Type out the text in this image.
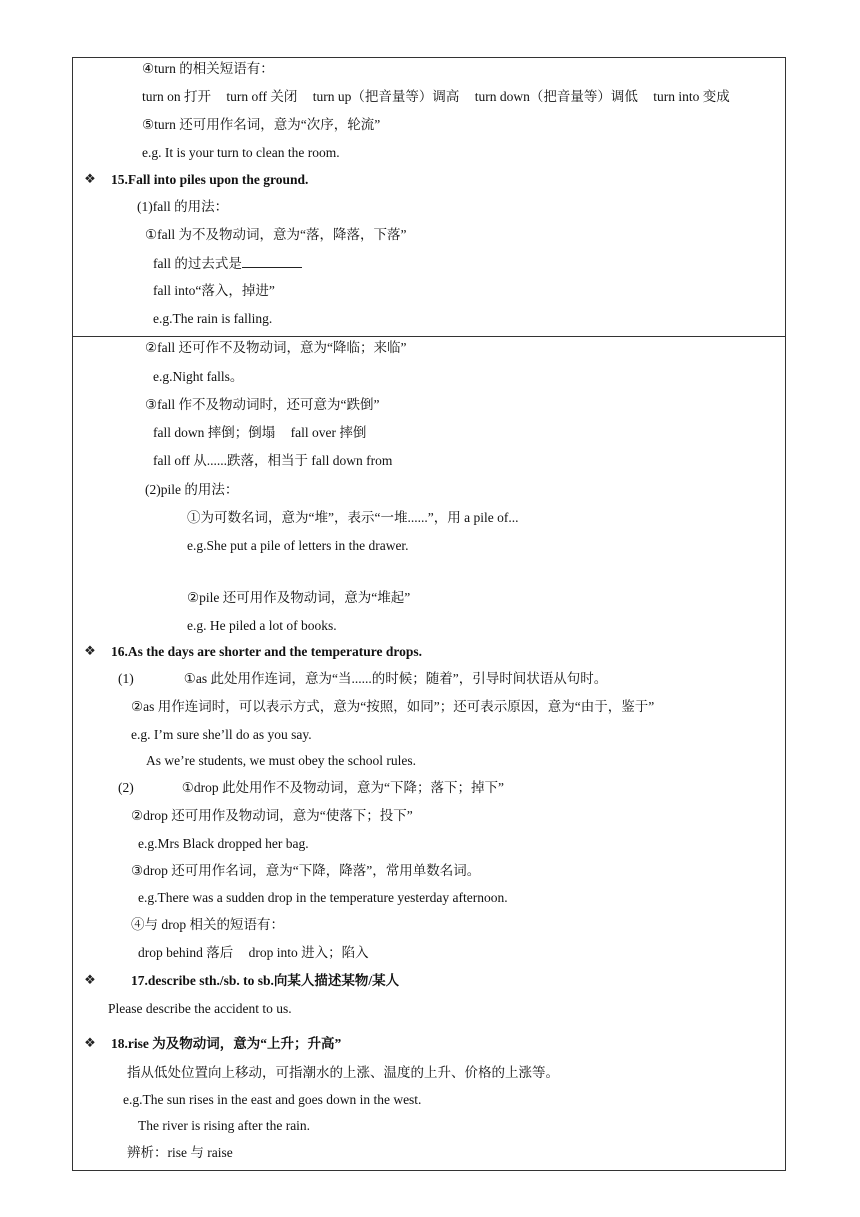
④turn 的相关短语有：
turn on 打开 turn off 关闭 turn up（把音量等）调高 turn down（把音量等）调低 turn into 变成
⑤turn 还可用作名词，意为“次序，轮流”
e.g. It is your turn to clean the room.
❖ 15.Fall into piles upon the ground.
(1)fall 的用法：
①fall 为不及物动词，意为“落，降落，下落”
fall 的过去式是
fall into“落入，掉进”
e.g.The rain is falling.
②fall 还可作不及物动词，意为“降临；来临”
e.g.Night falls。
③fall 作不及物动词时，还可意为“跌倒”
fall down 摔倒；倒塌 fall over 摔倒
fall off 从......跌落，相当于 fall down from
(2)pile 的用法：
①为可数名词，意为“堆”，表示“一堆......”，用 a pile of...
e.g.She put a pile of letters in the drawer.
②pile 还可用作及物动词，意为“堆起”
e.g. He piled a lot of books.
❖ 16.As the days are shorter and the temperature drops.
(1)	①as 此处用作连词，意为“当......的时候；随着”，引导时间状语从句时。
②as 用作连词时，可以表示方式，意为“按照，如同”；还可表示原因，意为“由于，鉴于”
e.g. I’m sure she’ll do as you say.
As we’re students, we must obey the school rules.
(2)	①drop 此处用作不及物动词，意为“下降；落下；掉下”
②drop 还可用作及物动词，意为“使落下；投下”
e.g.Mrs Black dropped her bag.
③drop 还可用作名词，意为“下降，降落”，常用单数名词。
e.g.There was a sudden drop in the temperature yesterday afternoon.
④与 drop 相关的短语有：
drop behind 落后 drop into 进入；陷入
❖	17.describe sth./sb. to sb.向某人描述某物/某人
Please describe the accident to us.
❖ 18.rise 为及物动词，意为“上升；升高”
指从低处位置向上移动，可指潮水的上涨、温度的上升、价格的上涨等。
e.g.The sun rises in the east and goes down in the west.
The river is rising after the rain.
辨析：rise 与 raise
